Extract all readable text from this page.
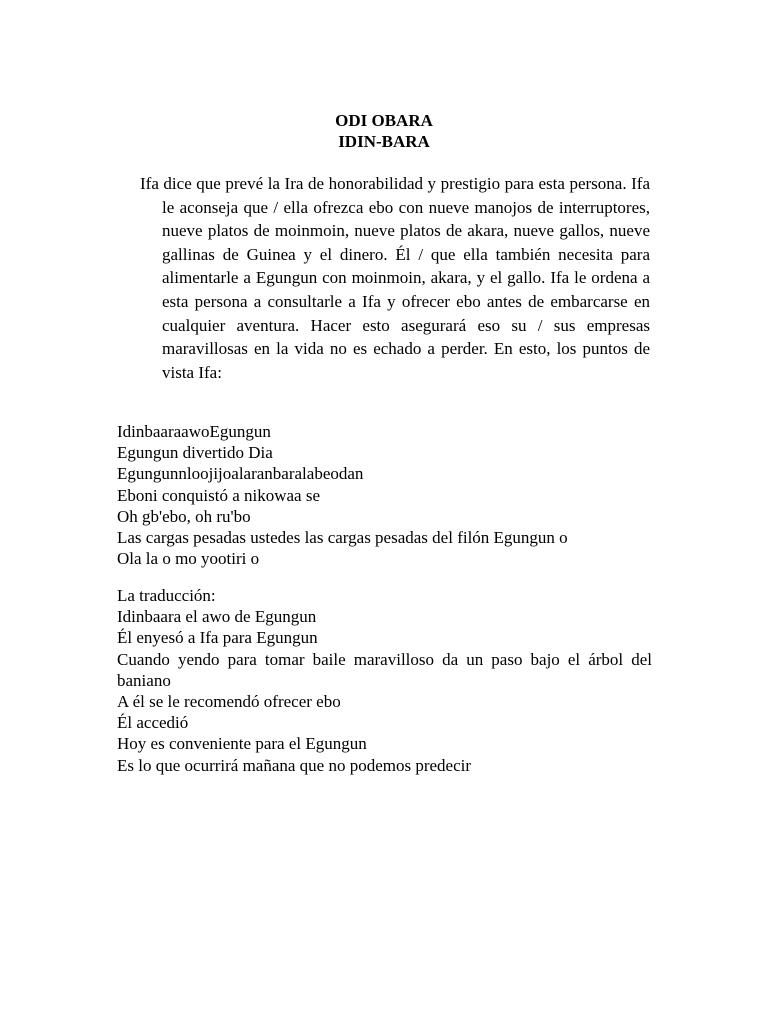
ODI OBARA
IDIN-BARA

Ifa dice que prevé la Ira de honorabilidad y prestigio para esta persona. Ifa le aconseja que / ella ofrezca ebo con nueve manojos de interruptores, nueve platos de moinmoin, nueve platos de akara, nueve gallos, nueve gallinas de Guinea y el dinero. Él / que ella también necesita para alimentarle a Egungun con moinmoin, akara, y el gallo. Ifa le ordena a esta persona a consultarle a Ifa y ofrecer ebo antes de embarcarse en cualquier aventura. Hacer esto asegurará eso su / sus empresas maravillosas en la vida no es echado a perder. En esto, los puntos de vista Ifa:

IdinbaaraawoEgungun
Egungun divertido Dia
Egungunnloojijoalaranbaralabeodan
Eboni conquistó a nikowaa se
Oh gb'ebo, oh ru'bo
Las cargas pesadas ustedes las cargas pesadas del filón Egungun o
Ola la o mo yootiri o
La traducción:
Idinbaara el awo de Egungun
Él enyesó a Ifa para Egungun
Cuando yendo para tomar baile maravilloso da un paso bajo el árbol del baniano
A él se le recomendó ofrecer ebo
Él accedió
Hoy es conveniente para el Egungun
Es lo que ocurrirá mañana que no podemos predecir
